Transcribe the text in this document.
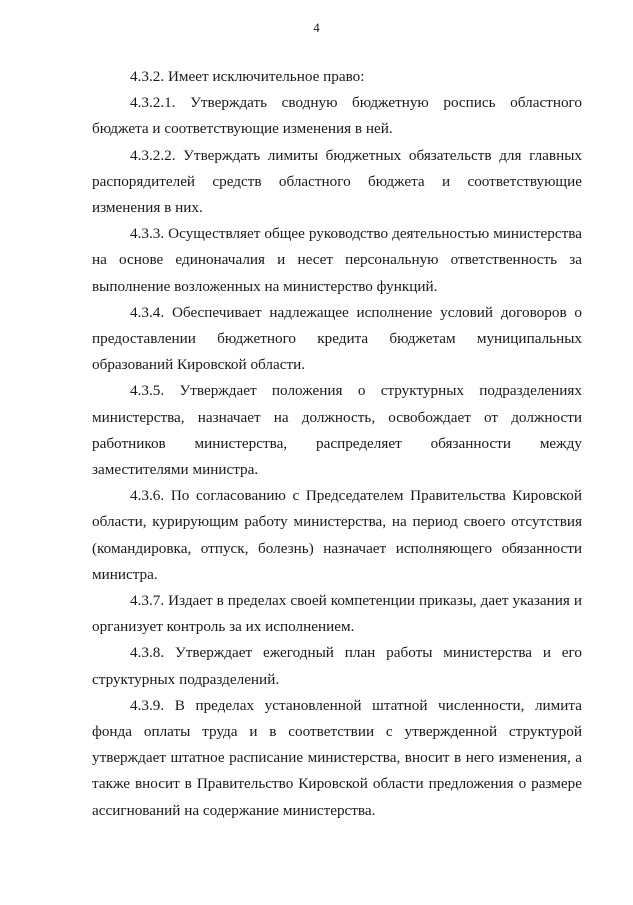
4

4.3.2. Имеет исключительное право:

4.3.2.1. Утверждать сводную бюджетную роспись областного бюджета и соответствующие изменения в ней.

4.3.2.2. Утверждать лимиты бюджетных обязательств для главных распорядителей средств областного бюджета и соответствующие изменения в них.

4.3.3. Осуществляет общее руководство деятельностью министерства на основе единоначалия и несет персональную ответственность за выполнение возложенных на министерство функций.

4.3.4. Обеспечивает надлежащее исполнение условий договоров о предоставлении бюджетного кредита бюджетам муниципальных образований Кировской области.

4.3.5. Утверждает положения о структурных подразделениях министерства, назначает на должность, освобождает от должности работников министерства, распределяет обязанности между заместителями министра.

4.3.6. По согласованию с Председателем Правительства Кировской области, курирующим работу министерства, на период своего отсутствия (командировка, отпуск, болезнь) назначает исполняющего обязанности министра.

4.3.7. Издает в пределах своей компетенции приказы, дает указания и организует контроль за их исполнением.

4.3.8. Утверждает ежегодный план работы министерства и его структурных подразделений.

4.3.9. В пределах установленной штатной численности, лимита фонда оплаты труда и в соответствии с утвержденной структурой утверждает штатное расписание министерства, вносит в него изменения, а также вносит в Правительство Кировской области предложения о размере ассигнований на содержание министерства.
